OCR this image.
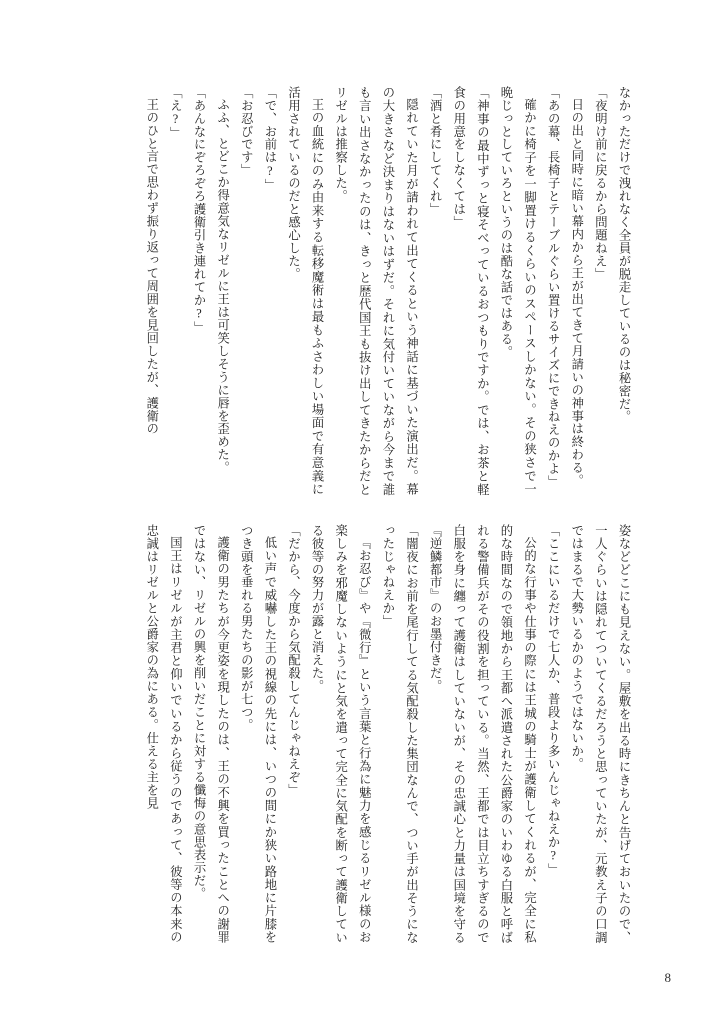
なかっただけで洩れなく全員が脱走しているのは秘密だ。

「夜明け前に戻るから問題ねえ」

日の出と同時に暗い幕内から王が出てきて月請いの神事は終わる。

「あの幕、長椅子とテーブルぐらい置けるサイズにできねえのかよ」

確かに椅子を一脚置けるくらいのスペースしかない。その狭さで一晩じっとしていろというのは酷な話ではある。

「神事の最中ずっと寝そべっているおつもりですか。では、お茶と軽食の用意をしなくては」

「酒と肴にしてくれ」

隠れていた月が請われて出てくるという神話に基づいた演出だ。幕の大きさなど決まりはないはずだ。それに気付いていながら今まで誰も言い出さなかったのは、きっと歴代国王も抜け出してきたからだとリゼルは推察した。

王の血統にのみ由来する転移魔術は最もふさわしい場面で有意義に活用されているのだと感心した。

「で、お前は?」

「お忍びです」

ふふ、とどこか得意気なリゼルに王は可笑しそうに唇を歪めた。

「あんなにぞろぞろ護衛引き連れてか?」

「え?」

王のひと言で思わず振り返って周囲を見回したが、護衛の

姿などどこにも見えない。屋敷を出る時にきちんと告げておいたので、一人ぐらいは隠れてついてくるだろうと思っていたが、元教え子の口調ではまるで大勢いるかのようではないか。

「ここにいるだけで七人か、普段より多いんじゃねえか?」

公的な行事や仕事の際には王城の騎士が護衛してくれるが、完全に私的な時間なので領地から王都へ派遣された公爵家のいわゆる白服と呼ばれる警備兵がその役割を担っている。当然、王都では目立ちすぎるので白服を身に纏って護衛はしていないが、その忠誠心と力量は国境を守る『逆鱗都市』のお墨付きだ。

「闇夜にお前を尾行してる気配殺した集団なんで、つい手が出そうになったじゃねえか」

『お忍び』や『微行』という言葉と行為に魅力を感じるリゼル様のお楽しみを邪魔しないようにと気を遣って完全に気配を断って護衛している彼等の努力が露と消えた。

「だから、今度から気配殺してんじゃねえぞ」

低い声で威嚇した王の視線の先には、いつの間にか狭い路地に片膝をつき頭を垂れる男たちの影が七つ。

護衛の男たちが今更姿を現したのは、王の不興を買ったことへの謝罪ではない、リゼルの興を削いだことに対する懺悔の意思表示だ。

国王はリゼルが主君と仰いでいるから従うのであって、彼等の本来の忠誠はリゼルと公爵家の為にある。仕える主を見

8
